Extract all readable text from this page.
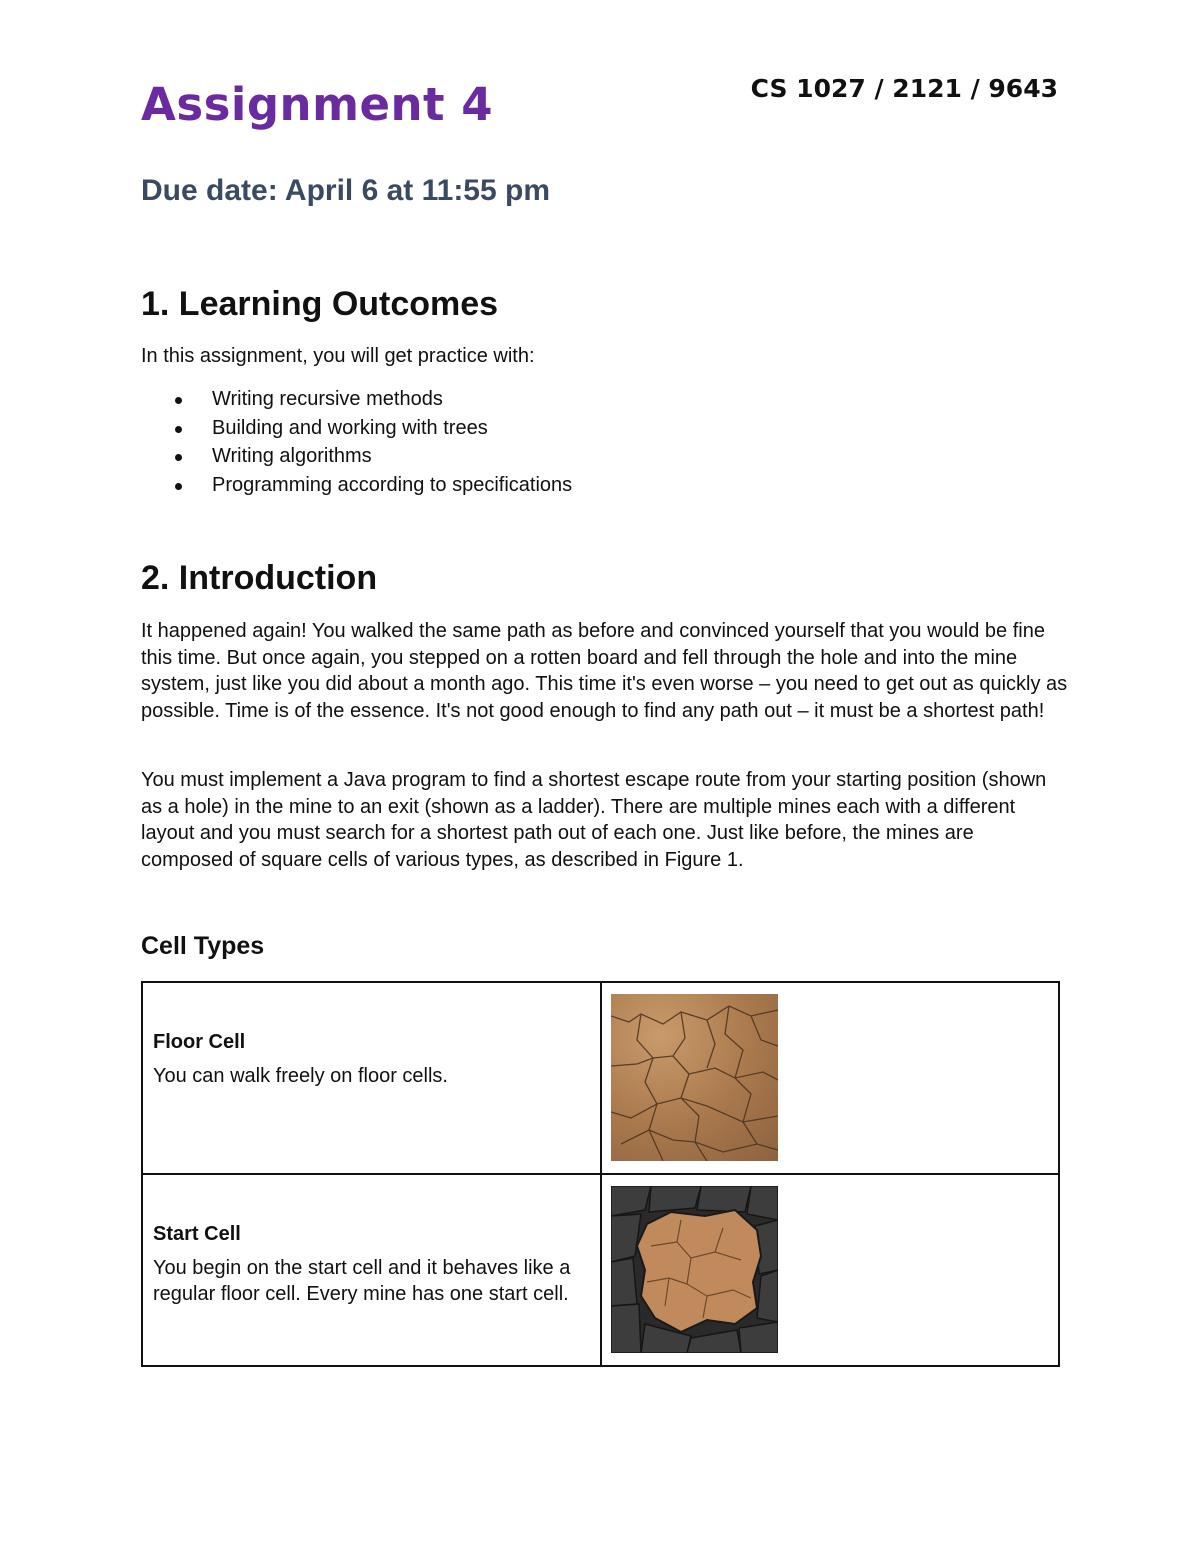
Assignment 4	CS 1027 / 2121 / 9643
Due date: April 6 at 11:55 pm
1. Learning Outcomes

In this assignment, you will get practice with:

Writing recursive methods
Building and working with trees
Writing algorithms
Programming according to specifications
2. Introduction

It happened again! You walked the same path as before and convinced yourself that you would be fine this time. But once again, you stepped on a rotten board and fell through the hole and into the mine system, just like you did about a month ago. This time it's even worse – you need to get out as quickly as possible. Time is of the essence. It's not good enough to find any path out – it must be a shortest path!

You must implement a Java program to find a shortest escape route from your starting position (shown as a hole) in the mine to an exit (shown as a ladder). There are multiple mines each with a different layout and you must search for a shortest path out of each one. Just like before, the mines are composed of square cells of various types, as described in Figure 1.

Cell Types

Floor Cell

You can walk freely on floor cells.

Start Cell

You begin on the start cell and it behaves like a regular floor cell. Every mine has one start cell.
